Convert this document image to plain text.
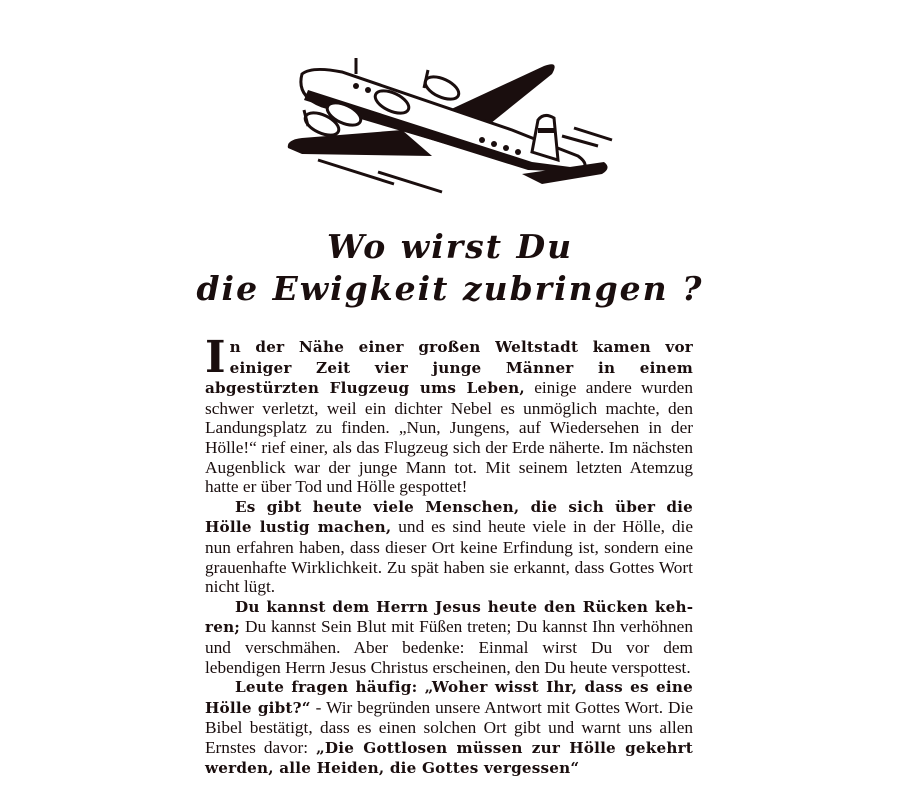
Wo wirst Du
die Ewigkeit zubringen ?

In der Nähe einer großen Weltstadt kamen vor einiger Zeit vier junge Männer in einem abgestürzten Flugzeug ums Leben, einige andere wurden schwer verletzt, weil ein dichter Nebel es unmöglich machte, den Landungsplatz zu finden. „Nun, Jungens, auf Wiedersehen in der Hölle!“ rief einer, als das Flugzeug sich der Erde näherte. Im nächsten Augenblick war der junge Mann tot. Mit seinem letzten Atemzug hatte er über Tod und Hölle gespottet!

Es gibt heute viele Menschen, die sich über die Hölle lustig machen, und es sind heute viele in der Hölle, die nun erfahren haben, dass dieser Ort keine Erfindung ist, sondern eine grauenhafte Wirklichkeit. Zu spät haben sie erkannt, dass Gottes Wort nicht lügt.

Du kannst dem Herrn Jesus heute den Rücken kehren; Du kannst Sein Blut mit Füßen treten; Du kannst Ihn verhöhnen und verschmähen. Aber bedenke: Einmal wirst Du vor dem lebendigen Herrn Jesus Christus erscheinen, den Du heute verspottest.

Leute fragen häufig: „Woher wisst Ihr, dass es eine Hölle gibt?“ - Wir begründen unsere Antwort mit Gottes Wort. Die Bibel bestätigt, dass es einen solchen Ort gibt und warnt uns allen Ernstes davor: „Die Gottlosen müssen zur Hölle gekehrt werden, alle Heiden, die Gottes vergessen“
